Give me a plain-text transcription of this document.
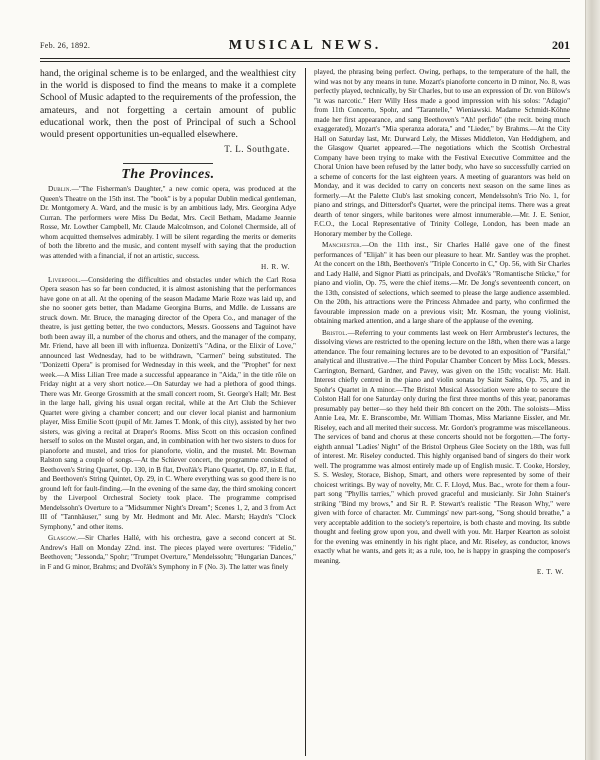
Feb. 26, 1892.	MUSICAL NEWS.	201

hand, the original scheme is to be enlarged, and the wealthiest city in the world is disposed to find the means to make it a complete School of Music adapted to the requirements of the profession, the amateurs, and not forgetting a certain amount of public educational work, then the post of Principal of such a School would present opportunities un-equalled elsewhere.

T. L. Southgate.
The Provinces.

Dublin.—"The Fisherman's Daughter," a new comic opera, was produced at the Queen's Theatre on the 15th inst. The "book" is by a popular Dublin medical gentleman, Dr. Montgomery A. Ward, and the music is by an ambitious lady, Mrs. Georgina Adye Curran. The performers were Miss Du Bedat, Mrs. Cecil Betham, Madame Jeannie Rosse, Mr. Lowther Campbell, Mr. Claude Malcolmson, and Colonel Chermside, all of whom acquitted themselves admirably. I will be silent regarding the merits or demerits of both the libretto and the music, and content myself with saying that the production was attended with a financial, if not an artistic, success.

H. R. W.

Liverpool.—Considering the difficulties and obstacles under which the Carl Rosa Opera season has so far been conducted, it is almost astonishing that the performances have gone on at all. At the opening of the season Madame Marie Roze was laid up, and she no sooner gets better, than Madame Georgina Burns, and Mdlle. de Lussans are struck down. Mr. Bruce, the managing director of the Opera Co., and manager of the theatre, is just getting better, the two conductors, Messrs. Goossens and Taguinot have both been away ill, a number of the chorus and others, and the manager of the company, Mr. Friend, have all been ill with influenza. Donizetti's "Adina, or the Elixir of Love," announced last Wednesday, had to be withdrawn, "Carmen" being substituted. The "Donizetti Opera" is promised for Wednesday in this week, and the "Prophet" for next week.—A Miss Lilian Tree made a successful appearance in "Aida," in the title rôle on Friday night at a very short notice.—On Saturday we had a plethora of good things. There was Mr. George Grossmith at the small concert room, St. George's Hall; Mr. Best in the large hall, giving his usual organ recital, while at the Art Club the Schiever Quartet were giving a chamber concert; and our clever local pianist and harmonium player, Miss Emilie Scott (pupil of Mr. James T. Monk, of this city), assisted by her two sisters, was giving a recital at Draper's Rooms. Miss Scott on this occasion confined herself to solos on the Mustel organ, and, in combination with her two sisters to duos for pianoforte and mustel, and trios for pianoforte, violin, and the mustel. Mr. Bowman Ralston sang a couple of songs.—At the Schiever concert, the programme consisted of Beethoven's String Quartet, Op. 130, in B flat, Dvořák's Piano Quartet, Op. 87, in E flat, and Beethoven's String Quintet, Op. 29, in C. Where everything was so good there is no ground left for fault-finding.—In the evening of the same day, the third smoking concert by the Liverpool Orchestral Society took place. The programme comprised Mendelssohn's Overture to a "Midsummer Night's Dream"; Scenes 1, 2, and 3 from Act III of "Tannhäuser," sung by Mr. Hedmont and Mr. Alec. Marsh; Haydn's "Clock Symphony," and other items.

Glasgow.—Sir Charles Hallé, with his orchestra, gave a second concert at St. Andrew's Hall on Monday 22nd. inst. The pieces played were overtures: "Fidelio," Beethoven; "Jessonda," Spohr; "Trumpet Overture," Mendelssohn; "Hungarian Dances," in F and G minor, Brahms; and Dvořák's Symphony in F (No. 3). The latter was finely

played, the phrasing being perfect. Owing, perhaps, to the temperature of the hall, the wind was not by any means in tune. Mozart's pianoforte concerto in D minor, No. 8, was perfectly played, technically, by Sir Charles, but to use an expression of Dr. von Bülow's "it was narcotic." Herr Willy Hess made a good impression with his solos: "Adagio" from 11th Concerto, Spohr, and "Tarantelle," Wieniawski. Madame Schmidt-Köhne made her first appearance, and sang Beethoven's "Ah! perfido" (the recit. being much exaggerated), Mozart's "Mia speranza adorata," and "Lieder," by Brahms.—At the City Hall on Saturday last, Mr. Durward Lely, the Misses Middleton, Van Heddighem, and the Glasgow Quartet appeared.—The negotiations which the Scottish Orchestral Company have been trying to make with the Festival Executive Committee and the Choral Union have been refused by the latter body, who have so successfully carried on a scheme of concerts for the last eighteen years. A meeting of guarantors was held on Monday, and it was decided to carry on concerts next season on the same lines as formerly.—At the Palette Club's last smoking concert, Mendelssohn's Trio No. 1, for piano and strings, and Dittersdorf's Quartet, were the principal items. There was a great dearth of tenor singers, while baritones were almost innumerable.—Mr. J. E. Senior, F.C.O., the Local Representative of Trinity College, London, has been made an Honorary member by the College.

Manchester.—On the 11th inst., Sir Charles Hallé gave one of the finest performances of "Elijah" it has been our pleasure to hear. Mr. Santley was the prophet. At the concert on the 18th, Beethoven's "Triple Concerto in C," Op. 56, with Sir Charles and Lady Hallé, and Signor Piatti as principals, and Dvořák's "Romantische Stücke," for piano and violin, Op. 75, were the chief items.—Mr. De Jong's seventeenth concert, on the 13th, consisted of selections, which seemed to please the large audience assembled. On the 20th, his attractions were the Princess Ahmadee and party, who confirmed the favourable impression made on a previous visit; Mr. Kosman, the young violinist, obtaining marked attention, and a large share of the applause of the evening.

Bristol.—Referring to your comments last week on Herr Armbruster's lectures, the dissolving views are restricted to the opening lecture on the 18th, when there was a large attendance. The four remaining lectures are to be devoted to an exposition of "Parsifal," analytical and illustrative.—The third Popular Chamber Concert by Miss Lock, Messrs. Carrington, Bernard, Gardner, and Pavey, was given on the 15th; vocalist: Mr. Hall. Interest chiefly centred in the piano and violin sonata by Saint Saëns, Op. 75, and in Spohr's Quartet in A minor.—The Bristol Musical Association were able to secure the Colston Hall for one Saturday only during the first three months of this year, panoramas presumably pay better—so they held their 8th concert on the 20th. The soloists—Miss Annie Lea, Mr. E. Branscombe, Mr. William Thomas, Miss Marianne Eissler, and Mr. Riseley, each and all merited their success. Mr. Gordon's programme was miscellaneous. The services of band and chorus at these concerts should not be forgotten.—The forty-eighth annual "Ladies' Night" of the Bristol Orpheus Glee Society on the 18th, was full of interest. Mr. Riseley conducted. This highly organised band of singers do their work well. The programme was almost entirely made up of English music. T. Cooke, Horsley, S. S. Wesley, Storace, Bishop, Smart, and others were represented by some of their choicest writings. By way of novelty, Mr. C. F. Lloyd, Mus. Bac., wrote for them a four-part song "Phyllis tarries," which proved graceful and musicianly. Sir John Stainer's striking "Bind my brows," and Sir R. P. Stewart's realistic "The Reason Why," were given with force of character. Mr. Cummings' new part-song, "Song should breathe," a very acceptable addition to the society's repertoire, is both chaste and moving. Its subtle thought and feeling grow upon you, and dwell with you. Mr. Harper Kearton as soloist for the evening was eminently in his right place, and Mr. Riseley, as conductor, knows exactly what he wants, and gets it; as a rule, too, he is happy in grasping the composer's meaning.

E. T. W.
